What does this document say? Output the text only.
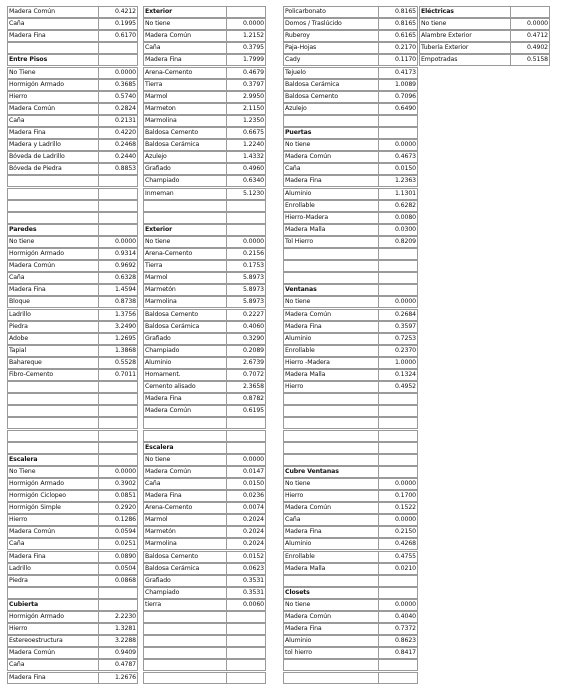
Madera Común	0.4212
Caña	0.1995
Madera Fina	0.6170
Entre Pisos
No Tiene	0.0000
Hormigón Armado	0.3685
Hierro	0.5740
Madera Común	0.2824
Caña	0.2131
Madera Fina	0.4220
Madera y Ladrillo	0.2468
Bóveda de Ladrillo	0.2440
Bóveda de Piedra	0.8853
Paredes
No tiene	0.0000
Hormigón Armado	0.9314
Madera Común	0.9692
Caña	0.6328
Madera Fina	1.4594
Bloque	0.8738
Ladrillo	1.3756
Piedra	3.2490
Adobe	1.2695
Tapial	1.3868
Bahareque	0.5528
Fibro-Cemento	0.7011
Escalera
No Tiene	0.0000
Hormigón Armado	0.3902
Hormigón Ciclopeo	0.0851
Hormigón Simple	0.2920
Hierro	0.1286
Madera Común	0.0594
Caña	0.0251
Madera Fina	0.0890
Ladrillo	0.0504
Piedra	0.0868
Cubierta
Hormigón Armado	2.2230
Hierro	1.3281
Estereoestructura	3.2288
Madera Común	0.9409
Caña	0.4787
Madera Fina	1.2676
Exterior
No tiene	0.0000
Madera Común	1.2152
Caña	0.3795
Madera Fina	1.7999
Arena-Cemento	0.4679
Tierra	0.3797
Marmol	2.9950
Marmeton	2.1150
Marmolina	1.2350
Baldosa Cemento	0.6675
Baldosa Cerámica	1.2240
Azulejo	1.4332
Grafiado	0.4960
Champiado	0.6340
Inmeman	5.1230
Exterior
No tiene	0.0000
Arena-Cemento	0.2156
Tierra	0.1753
Marmol	5.8973
Marmetón	5.8973
Marmolina	5.8973
Baldosa Cemento	0.2227
Baldosa Cerámica	0.4060
Grafiado	0.3290
Champiado	0.2089
Aluminio	2.6739
Homament.	0.7072
Cemento alisado	2.3658
Madera Fina	0.8782
Madera Común	0.6195
Escalera
No tiene	0.0000
Madera Común	0.0147
Caña	0.0150
Madera Fina	0.0236
Arena-Cemento	0.0074
Marmol	0.2024
Marmetón	0.2024
Marmolina	0.2024
Baldosa Cemento	0.0152
Baldosa Cerámica	0.0623
Grafiado	0.3531
Champiado	0.3531
tierra	0.0060
Policarbonato	0.8165
Domos / Traslúcido	0.8165
Ruberoy	0.6165
Paja-Hojas	0.2170
Cady	0.1170
Tejuelo	0.4173
Baldosa Cerámica	1.0089
Baldosa Cemento	0.7096
Azulejo	0.6490
Puertas
No tiene	0.0000
Madera Común	0.4673
Caña	0.0150
Madera Fina	1.2363
Aluminio	1.1301
Enrollable	0.6282
Hierro-Madera	0.0080
Madera Malla	0.0300
Tol Hierro	0.8209
Ventanas
No tiene	0.0000
Madera Común	0.2684
Madera Fina	0.3597
Aluminio	0.7253
Enrollable	0.2370
Hierro -Madera	1.0000
Madera Malla	0.1324
Hierro	0.4952
Cubre Ventanas
No tiene	0.0000
Hierro	0.1700
Madera Común	0.1522
Caña	0.0000
Madera Fina	0.2150
Aluminio	0.4268
Enrollable	0.4755
Madera Malla	0.0210
Closets
No tiene	0.0000
Madera Común	0.4040
Madera Fina	0.7372
Aluminio	0.8623
tol hierro	0.8417
Eléctricas
No tiene	0.0000
Alambre Exterior	0.4712
Tubería Exterior	0.4902
Empotradas	0.5158
